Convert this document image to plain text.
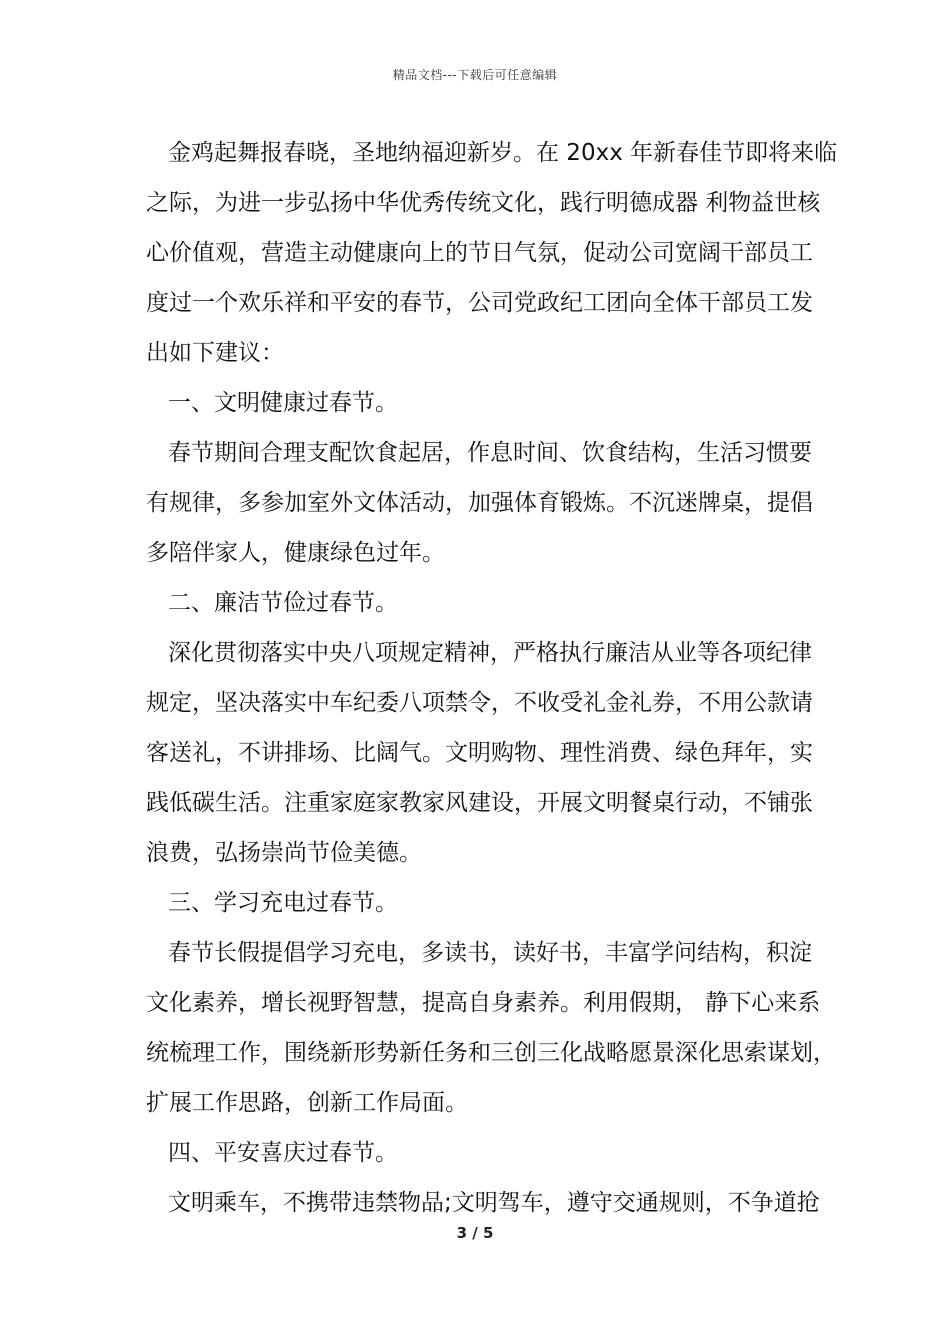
精品文档---下载后可任意编辑
金鸡起舞报春晓，圣地纳福迎新岁。在 20xx 年新春佳节即将来临
之际，为进一步弘扬中华优秀传统文化，践行明德成器 利物益世核
心价值观，营造主动健康向上的节日气氛，促动公司宽阔干部员工
度过一个欢乐祥和平安的春节，公司党政纪工团向全体干部员工发
出如下建议：
一、文明健康过春节。
春节期间合理支配饮食起居，作息时间、饮食结构，生活习惯要
有规律，多参加室外文体活动，加强体育锻炼。不沉迷牌桌，提倡
多陪伴家人，健康绿色过年。
二、廉洁节俭过春节。
深化贯彻落实中央八项规定精神，严格执行廉洁从业等各项纪律
规定，坚决落实中车纪委八项禁令，不收受礼金礼券，不用公款请
客送礼，不讲排场、比阔气。文明购物、理性消费、绿色拜年，实
践低碳生活。注重家庭家教家风建设，开展文明餐桌行动，不铺张
浪费，弘扬崇尚节俭美德。
三、学习充电过春节。
春节长假提倡学习充电，多读书，读好书，丰富学问结构，积淀
文化素养，增长视野智慧，提高自身素养。利用假期， 静下心来系
统梳理工作，围绕新形势新任务和三创三化战略愿景深化思索谋划，
扩展工作思路，创新工作局面。
四、平安喜庆过春节。
文明乘车，不携带违禁物品;文明驾车，遵守交通规则，不争道抢
3 / 5
